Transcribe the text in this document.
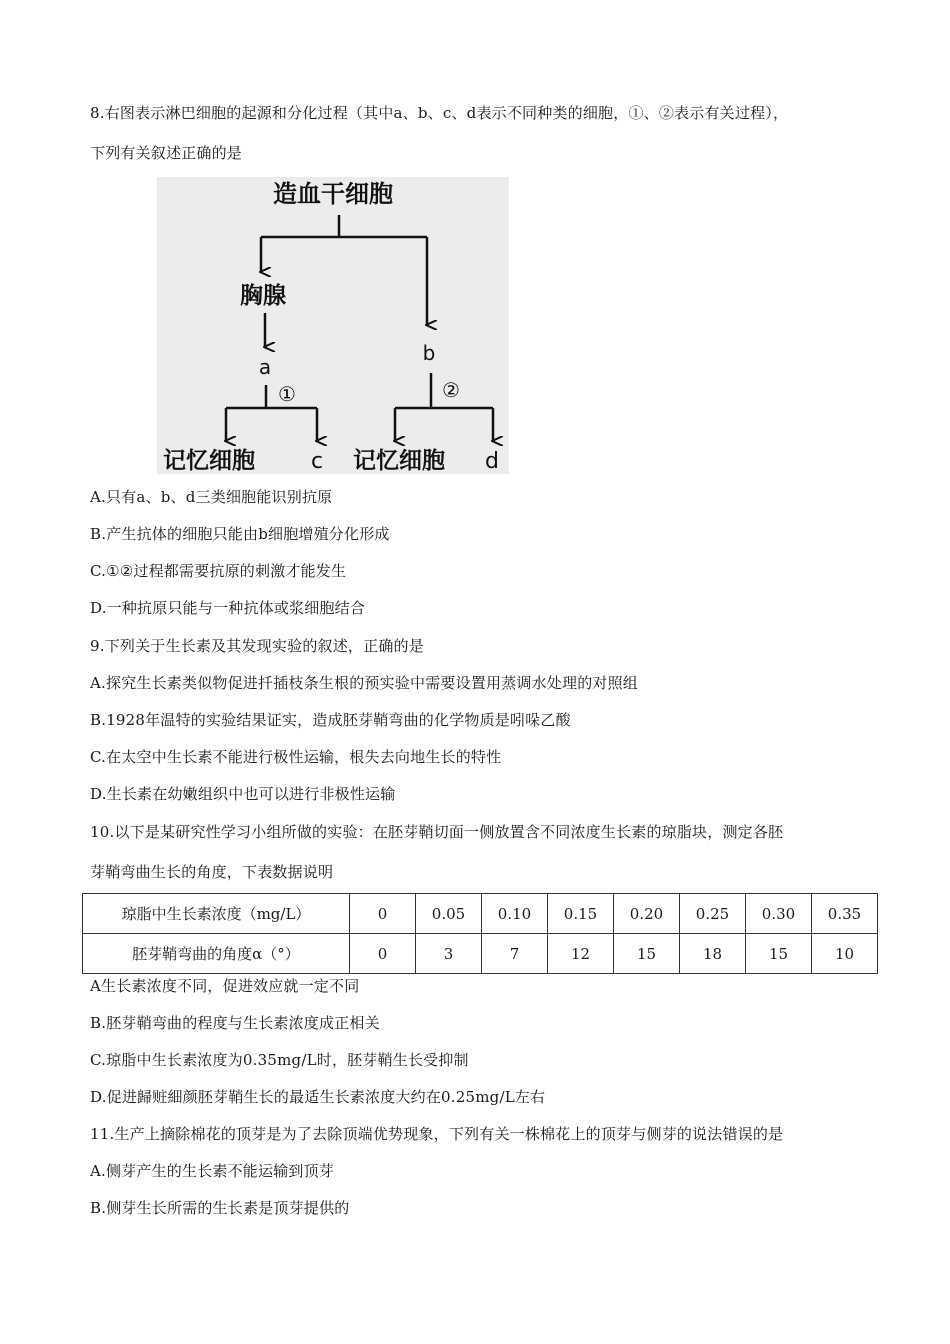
8.右图表示淋巴细胞的起源和分化过程（其中a、b、c、d表示不同种类的细胞，①、②表示有关过程），
下列有关叙述正确的是
造血干细胞
胸腺
a
b
①	②
记忆细胞	c 记忆细胞 d
A.只有a、b、d三类细胞能识别抗原
B.产生抗体的细胞只能由b细胞增殖分化形成
C.①②过程都需要抗原的刺激才能发生
D.一种抗原只能与一种抗体或浆细胞结合
9.下列关于生长素及其发现实验的叙述，正确的是
A.探究生长素类似物促进扦插枝条生根的预实验中需要设置用蒸调水处理的对照组
B.1928年温特的实验结果证实，造成胚芽鞘弯曲的化学物质是吲哚乙酸
C.在太空中生长素不能进行极性运输，根失去向地生长的特性
D.生长素在幼嫩组织中也可以进行非极性运输
10.以下是某研究性学习小组所做的实验：在胚芽鞘切面一侧放置含不同浓度生长素的琼脂块，测定各胚
芽鞘弯曲生长的角度，下表数据说明
琼脂中生长素浓度（mg/L）	0	0.05	0.10	0.15	0.20	0.25	0.30	0.35
胚芽鞘弯曲的角度α（°）	0	3	7	12	15	18	15	10
A生长素浓度不同，促进效应就一定不同
B.胚芽鞘弯曲的程度与生长素浓度成正相关
C.琼脂中生长素浓度为0.35mg/L时，胚芽鞘生长受抑制
D.促进歸赃細颜胚芽鞘生长的最适生长素浓度大约在0.25mg/L左右
11.生产上摘除棉花的顶芽是为了去除顶端优势现象，下列有关一株棉花上的顶芽与侧芽的说法错误的是
A.侧芽产生的生长素不能运输到顶芽
B.侧芽生长所需的生长素是顶芽提供的
